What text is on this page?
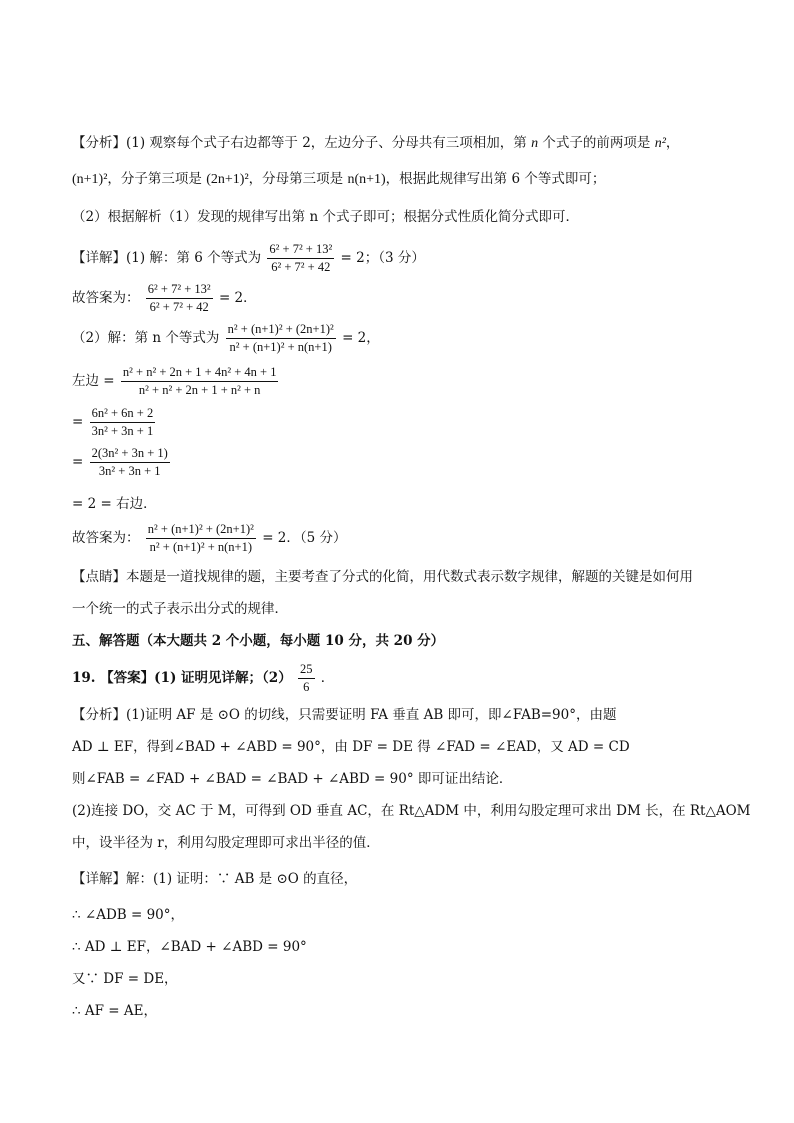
【分析】(1) 观察每个式子右边都等于 2，左边分子、分母共有三项相加，第 n 个式子的前两项是 n²，
(n+1)²，分子第三项是 (2n+1)²，分母第三项是 n(n+1)，根据此规律写出第 6 个等式即可；
（2）根据解析（1）发现的规律写出第 n 个式子即可；根据分式性质化简分式即可．
【详解】(1) 解：第 6 个等式为 $\frac{\text{6² + 7² + 13²}}{\text{6² + 7² + 42}} = 2$；（3 分）
故答案为： $\frac{\text{6² + 7² + 13²}}{\text{6² + 7² + 42}} = 2$．
（2）解：第 n 个等式为 $\frac{\text{n² + (n+1)² + (2n+1)²}}{\text{n² + (n+1)² + n(n+1)}} = 2$，
左边 = $\frac{\text{n² + n² + 2n + 1 + 4n² + 4n + 1}}{\text{n² + n² + 2n + 1 + n² + n}}$
= $\frac{\text{6n² + 6n + 2}}{\text{3n² + 3n + 1}}$
= $\frac{\text{2(3n² + 3n + 1)}}{\text{3n² + 3n + 1}}$
= 2 = 右边．
故答案为： $\frac{\text{n² + (n+1)² + (2n+1)²}}{\text{n² + (n+1)² + n(n+1)}} = 2$．（5 分）
【点睛】本题是一道找规律的题，主要考查了分式的化简，用代数式表示数字规律，解题的关键是如何用
一个统一的式子表示出分式的规律．
五、解答题（本大题共 2 个小题，每小题 10 分，共 20 分）
19. 【答案】(1) 证明见详解；$(2) \frac{25}{6}$ ．
【分析】(1)证明 AF 是 ⊙O 的切线，只需要证明 FA 垂直 AB 即可，即∠FAB=90°，由题
AD ⊥ EF，得到∠BAD + ∠ABD = 90°，由 DF = DE 得 ∠FAD = ∠EAD，又 AD = CD
则∠FAB = ∠FAD + ∠BAD = ∠BAD + ∠ABD = 90° 即可证出结论．
(2)连接 DO，交 AC 于 M，可得到 OD 垂直 AC，在 Rt△ADM 中，利用勾股定理可求出 DM 长，在 Rt△AOM
中，设半径为 r，利用勾股定理即可求出半径的值．
【详解】解：(1) 证明：∵ AB 是 ⊙O 的直径，
∴ ∠ADB = 90°，
∴ AD ⊥ EF，∠BAD + ∠ABD = 90°
又∵ DF = DE，
∴ AF = AE，
